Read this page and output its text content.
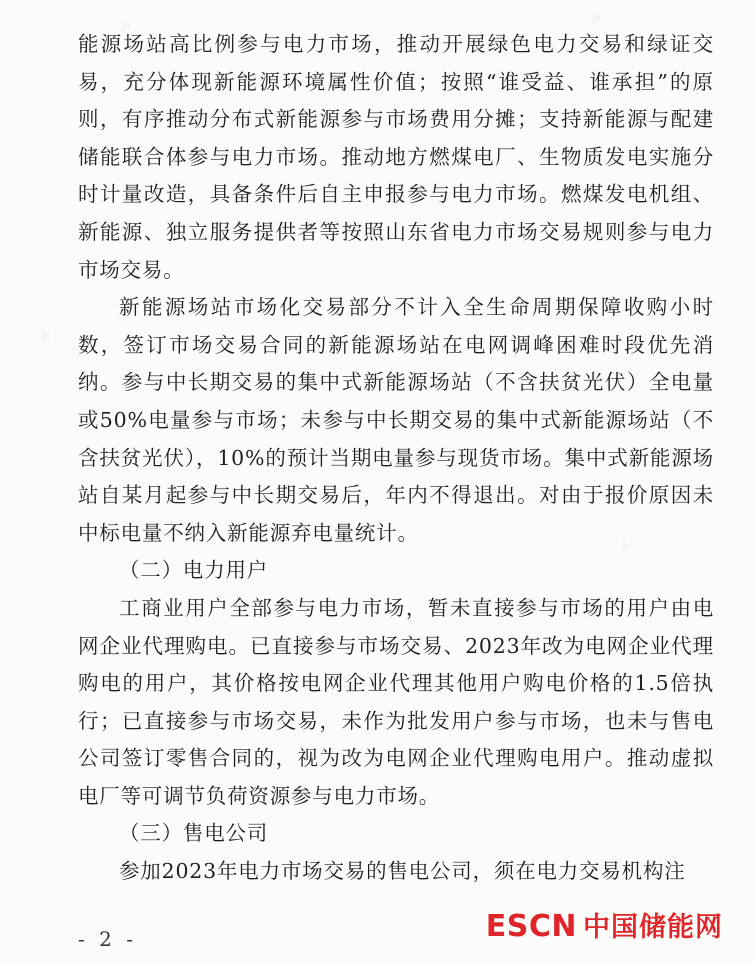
⁂	⁂
⁂
⁂

能源场站高比例参与电力市场，推动开展绿色电力交易和绿证交易，充分体现新能源环境属性价值；按照“谁受益、谁承担”的原则，有序推动分布式新能源参与市场费用分摊；支持新能源与配建储能联合体参与电力市场。推动地方燃煤电厂、生物质发电实施分时计量改造，具备条件后自主申报参与电力市场。燃煤发电机组、新能源、独立服务提供者等按照山东省电力市场交易规则参与电力市场交易。

新能源场站市场化交易部分不计入全生命周期保障收购小时数，签订市场交易合同的新能源场站在电网调峰困难时段优先消纳。参与中长期交易的集中式新能源场站（不含扶贫光伏）全电量或50%电量参与市场；未参与中长期交易的集中式新能源场站（不含扶贫光伏），10%的预计当期电量参与现货市场。集中式新能源场站自某月起参与中长期交易后，年内不得退出。对由于报价原因未中标电量不纳入新能源弃电量统计。

（二）电力用户

工商业用户全部参与电力市场，暂未直接参与市场的用户由电网企业代理购电。已直接参与市场交易、2023年改为电网企业代理购电的用户，其价格按电网企业代理其他用户购电价格的1.5倍执行；已直接参与市场交易，未作为批发用户参与市场，也未与售电公司签订零售合同的，视为改为电网企业代理购电用户。推动虚拟电厂等可调节负荷资源参与电力市场。

（三）售电公司

参加2023年电力市场交易的售电公司，须在电力交易机构注

- 2 -	ESCN 中国储能网
